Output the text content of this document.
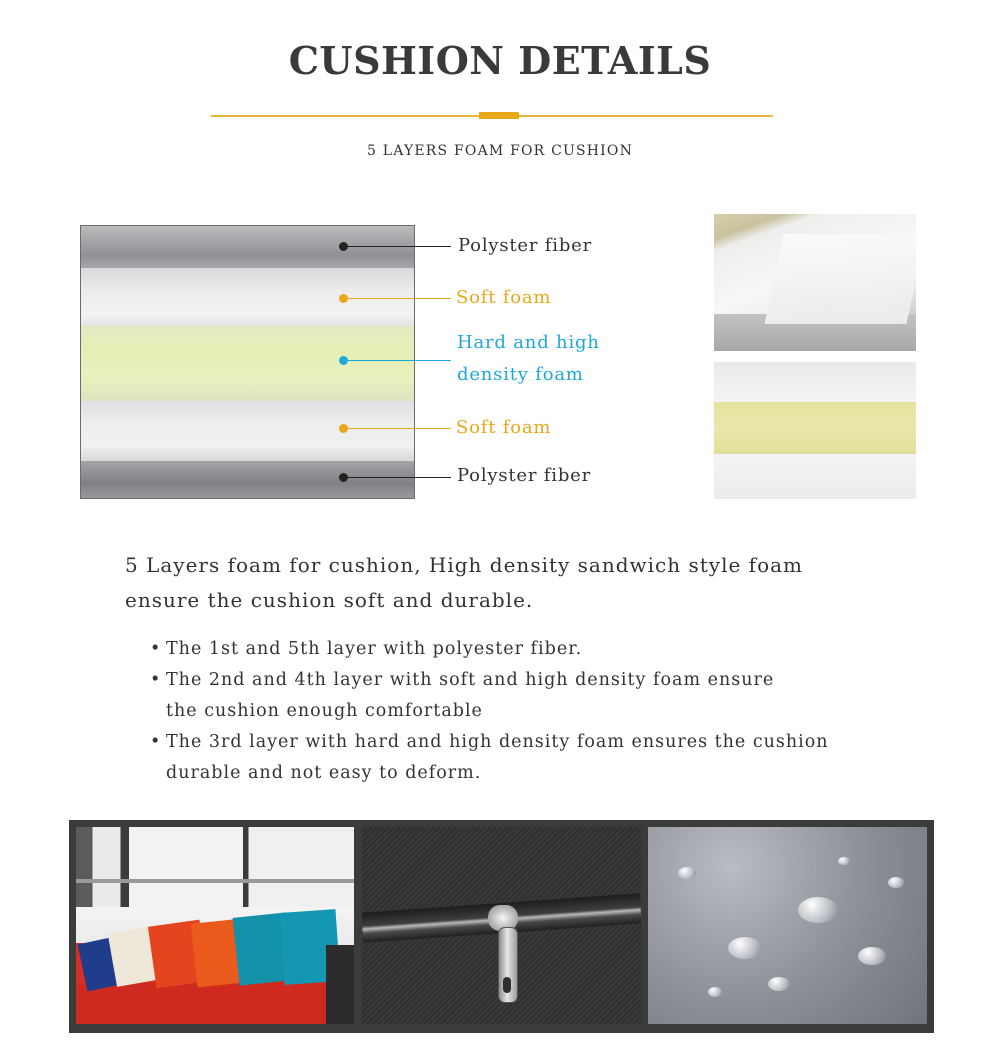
CUSHION DETAILS
5 LAYERS FOAM FOR CUSHION
Polyster fiber
Soft foam
Hard and high
density foam
Soft foam
Polyster fiber
5 Layers foam for cushion, High density sandwich style foam ensure the cushion soft and durable.
• The 1st and 5th layer with polyester fiber.
• The 2nd and 4th layer with soft and high density foam ensure
the cushion enough comfortable
• The 3rd layer with hard and high density foam ensures the cushion
durable and not easy to deform.
